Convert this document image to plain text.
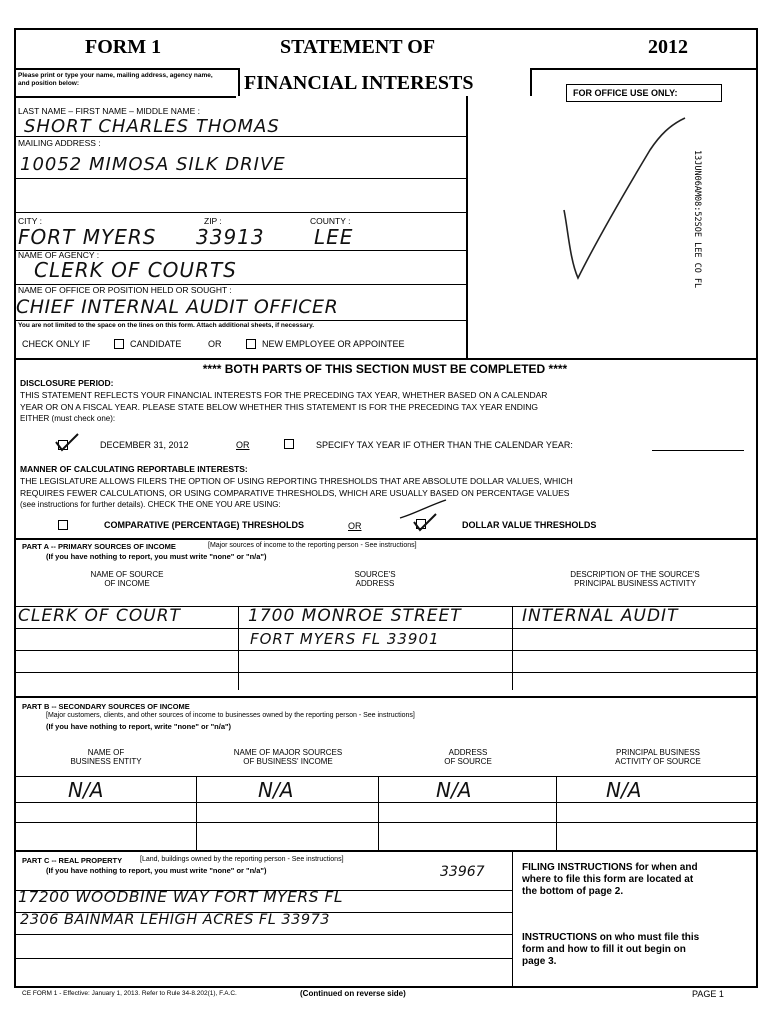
FORM 1	STATEMENT OF	2012
Please print or type your name, mailing address, agency name, and position below:	FINANCIAL INTERESTS	FOR OFFICE USE ONLY:
LAST NAME – FIRST NAME – MIDDLE NAME :
SHORT CHARLES THOMAS
MAILING ADDRESS :
10052 MIMOSA SILK DRIVE
CITY :	ZIP :	COUNTY :
FORT MYERS 33913 LEE
NAME OF AGENCY :
CLERK OF COURTS
NAME OF OFFICE OR POSITION HELD OR SOUGHT :
CHIEF INTERNAL AUDIT OFFICER
You are not limited to the space on the lines on this form. Attach additional sheets, if necessary.
CHECK ONLY IF	CANDIDATE	OR	NEW EMPLOYEE OR APPOINTEE
13JUN06AM08:52SOE LEE CO FL
**** BOTH PARTS OF THIS SECTION MUST BE COMPLETED ****
DISCLOSURE PERIOD:
THIS STATEMENT REFLECTS YOUR FINANCIAL INTERESTS FOR THE PRECEDING TAX YEAR, WHETHER BASED ON A CALENDAR
YEAR OR ON A FISCAL YEAR. PLEASE STATE BELOW WHETHER THIS STATEMENT IS FOR THE PRECEDING TAX YEAR ENDING
EITHER (must check one):
DECEMBER 31, 2012	OR	SPECIFY TAX YEAR IF OTHER THAN THE CALENDAR YEAR:
MANNER OF CALCULATING REPORTABLE INTERESTS:
THE LEGISLATURE ALLOWS FILERS THE OPTION OF USING REPORTING THRESHOLDS THAT ARE ABSOLUTE DOLLAR VALUES, WHICH
REQUIRES FEWER CALCULATIONS, OR USING COMPARATIVE THRESHOLDS, WHICH ARE USUALLY BASED ON PERCENTAGE VALUES
(see instructions for further details). CHECK THE ONE YOU ARE USING:
COMPARATIVE (PERCENTAGE) THRESHOLDS	OR	DOLLAR VALUE THRESHOLDS
PART A -- PRIMARY SOURCES OF INCOME	[Major sources of income to the reporting person - See instructions]
(If you have nothing to report, you must write "none" or "n/a")
NAME OF SOURCE
OF INCOME
SOURCE'S
ADDRESS
DESCRIPTION OF THE SOURCE'S
PRINCIPAL BUSINESS ACTIVITY
CLERK OF COURT	1700 MONROE STREET	INTERNAL AUDIT
FORT MYERS FL 33901
PART B -- SECONDARY SOURCES OF INCOME
[Major customers, clients, and other sources of income to businesses owned by the reporting person - See instructions]
(If you have nothing to report, write "none" or "n/a")
NAME OF
BUSINESS ENTITY
NAME OF MAJOR SOURCES
OF BUSINESS' INCOME
ADDRESS
OF SOURCE
PRINCIPAL BUSINESS
ACTIVITY OF SOURCE
N/A	N/A	N/A	N/A
PART C -- REAL PROPERTY	[Land, buildings owned by the reporting person - See instructions]
(If you have nothing to report, you must write "none" or "n/a")	33967
17200 WOODBINE WAY FORT MYERS FL
2306 BAINMAR LEHIGH ACRES FL 33973
FILING INSTRUCTIONS for when and where to file this form are located at the bottom of page 2.
INSTRUCTIONS on who must file this form and how to fill it out begin on page 3.
CE FORM 1 - Effective: January 1, 2013. Refer to Rule 34-8.202(1), F.A.C.	(Continued on reverse side)	PAGE 1
